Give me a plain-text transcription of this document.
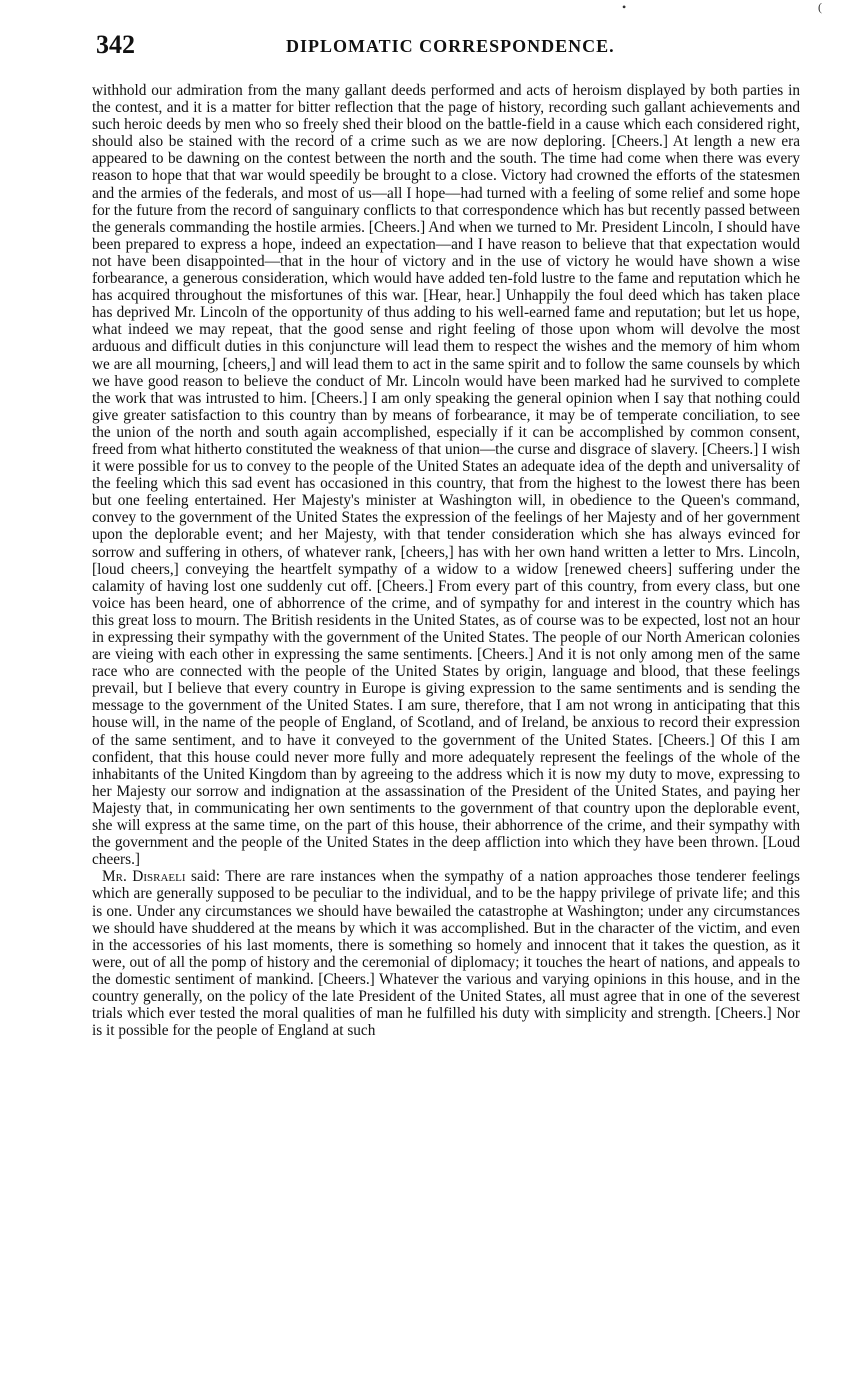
•	(
342	DIPLOMATIC CORRESPONDENCE.

withhold our admiration from the many gallant deeds performed and acts of heroism displayed by both parties in the contest, and it is a matter for bitter reflection that the page of history, recording such gallant achievements and such heroic deeds by men who so freely shed their blood on the battle-field in a cause which each considered right, should also be stained with the record of a crime such as we are now deploring. [Cheers.] At length a new era appeared to be dawning on the contest between the north and the south. The time had come when there was every reason to hope that that war would speedily be brought to a close. Victory had crowned the efforts of the statesmen and the armies of the federals, and most of us—all I hope—had turned with a feeling of some relief and some hope for the future from the record of sanguinary conflicts to that correspondence which has but recently passed between the generals commanding the hostile armies. [Cheers.] And when we turned to Mr. President Lincoln, I should have been prepared to express a hope, indeed an expectation—and I have reason to believe that that expectation would not have been disappointed—that in the hour of victory and in the use of victory he would have shown a wise forbearance, a generous consideration, which would have added ten-fold lustre to the fame and reputation which he has acquired throughout the misfortunes of this war. [Hear, hear.] Unhappily the foul deed which has taken place has deprived Mr. Lincoln of the opportunity of thus adding to his well-earned fame and reputation; but let us hope, what indeed we may repeat, that the good sense and right feeling of those upon whom will devolve the most arduous and difficult duties in this conjuncture will lead them to respect the wishes and the memory of him whom we are all mourning, [cheers,] and will lead them to act in the same spirit and to follow the same counsels by which we have good reason to believe the conduct of Mr. Lincoln would have been marked had he survived to complete the work that was intrusted to him. [Cheers.] I am only speaking the general opinion when I say that nothing could give greater satisfaction to this country than by means of forbearance, it may be of temperate conciliation, to see the union of the north and south again accomplished, especially if it can be accomplished by common consent, freed from what hitherto constituted the weakness of that union—the curse and disgrace of slavery. [Cheers.] I wish it were possible for us to convey to the people of the United States an adequate idea of the depth and universality of the feeling which this sad event has occasioned in this country, that from the highest to the lowest there has been but one feeling entertained. Her Majesty's minister at Washington will, in obedience to the Queen's command, convey to the government of the United States the expression of the feelings of her Majesty and of her government upon the deplorable event; and her Majesty, with that tender consideration which she has always evinced for sorrow and suffering in others, of whatever rank, [cheers,] has with her own hand written a letter to Mrs. Lincoln, [loud cheers,] conveying the heartfelt sympathy of a widow to a widow [renewed cheers] suffering under the calamity of having lost one suddenly cut off. [Cheers.] From every part of this country, from every class, but one voice has been heard, one of abhorrence of the crime, and of sympathy for and interest in the country which has this great loss to mourn. The British residents in the United States, as of course was to be expected, lost not an hour in expressing their sympathy with the government of the United States. The people of our North American colonies are vieing with each other in expressing the same sentiments. [Cheers.] And it is not only among men of the same race who are connected with the people of the United States by origin, language and blood, that these feelings prevail, but I believe that every country in Europe is giving expression to the same sentiments and is sending the message to the government of the United States. I am sure, therefore, that I am not wrong in anticipating that this house will, in the name of the people of England, of Scotland, and of Ireland, be anxious to record their expression of the same sentiment, and to have it conveyed to the government of the United States. [Cheers.] Of this I am confident, that this house could never more fully and more adequately represent the feelings of the whole of the inhabitants of the United Kingdom than by agreeing to the address which it is now my duty to move, expressing to her Majesty our sorrow and indignation at the assassination of the President of the United States, and paying her Majesty that, in communicating her own sentiments to the government of that country upon the deplorable event, she will express at the same time, on the part of this house, their abhorrence of the crime, and their sympathy with the government and the people of the United States in the deep affliction into which they have been thrown. [Loud cheers.]

Mr. Disraeli said: There are rare instances when the sympathy of a nation approaches those tenderer feelings which are generally supposed to be peculiar to the individual, and to be the happy privilege of private life; and this is one. Under any circumstances we should have bewailed the catastrophe at Washington; under any circumstances we should have shuddered at the means by which it was accomplished. But in the character of the victim, and even in the accessories of his last moments, there is something so homely and innocent that it takes the question, as it were, out of all the pomp of history and the ceremonial of diplomacy; it touches the heart of nations, and appeals to the domestic sentiment of mankind. [Cheers.] Whatever the various and varying opinions in this house, and in the country generally, on the policy of the late President of the United States, all must agree that in one of the severest trials which ever tested the moral qualities of man he fulfilled his duty with simplicity and strength. [Cheers.] Nor is it possible for the people of England at such
